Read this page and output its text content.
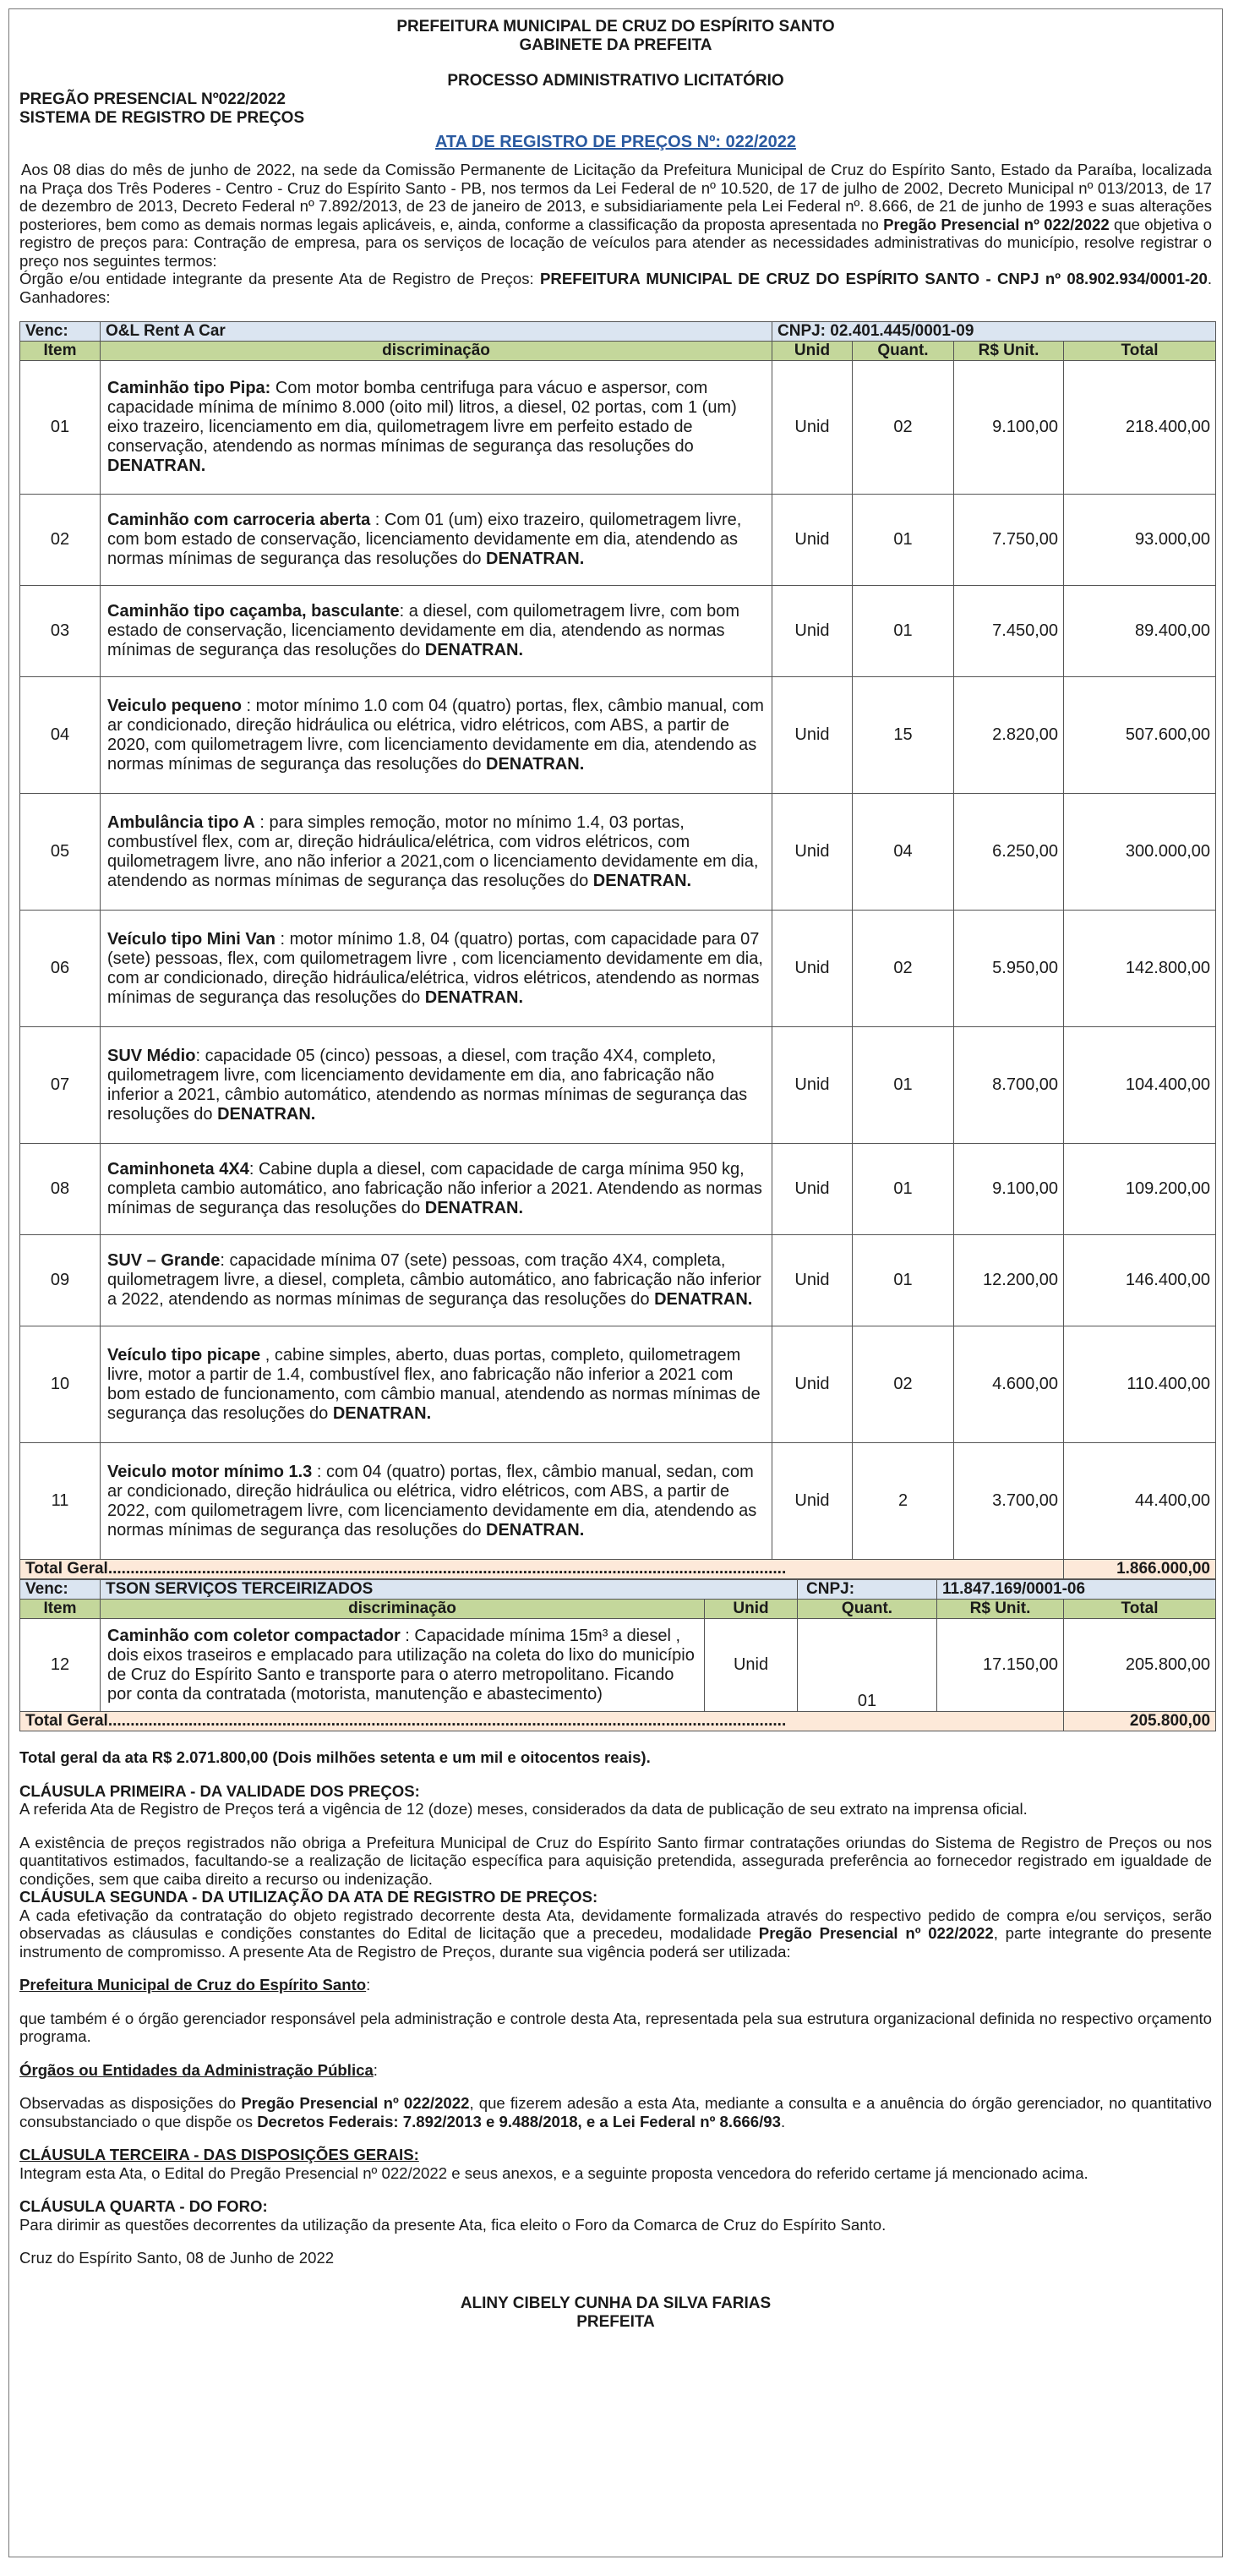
PREFEITURA MUNICIPAL DE CRUZ DO ESPÍRITO SANTO
GABINETE DA PREFEITA
PROCESSO ADMINISTRATIVO LICITATÓRIO
PREGÃO PRESENCIAL Nº022/2022
SISTEMA DE REGISTRO DE PREÇOS
ATA DE REGISTRO DE PREÇOS Nº: 022/2022

Aos 08 dias do mês de junho de 2022, na sede da Comissão Permanente de Licitação da Prefeitura Municipal de Cruz do Espírito Santo, Estado da Paraíba, localizada na Praça dos Três Poderes - Centro - Cruz do Espírito Santo - PB, nos termos da Lei Federal de nº 10.520, de 17 de julho de 2002, Decreto Municipal nº 013/2013, de 17 de dezembro de 2013, Decreto Federal nº 7.892/2013, de 23 de janeiro de 2013, e subsidiariamente pela Lei Federal nº. 8.666, de 21 de junho de 1993 e suas alterações posteriores, bem como as demais normas legais aplicáveis, e, ainda, conforme a classificação da proposta apresentada no Pregão Presencial nº 022/2022 que objetiva o registro de preços para: Contração de empresa, para os serviços de locação de veículos para atender as necessidades administrativas do município, resolve registrar o preço nos seguintes termos:
Órgão e/ou entidade integrante da presente Ata de Registro de Preços: PREFEITURA MUNICIPAL DE CRUZ DO ESPÍRITO SANTO - CNPJ nº 08.902.934/0001-20. Ganhadores:

Venc:	O&L Rent A Car	CNPJ: 02.401.445/0001-09			
Item	discriminação	Unid	Quant.	R$ Unit.	Total
01	Caminhão tipo Pipa: Com motor bomba centrifuga para vácuo e aspersor, com capacidade mínima de mínimo 8.000 (oito mil) litros, a diesel, 02 portas, com 1 (um) eixo trazeiro, licenciamento em dia, quilometragem livre em perfeito estado de conservação, atendendo as normas mínimas de segurança das resoluções do DENATRAN.	Unid	02	9.100,00	218.400,00
02	Caminhão com carroceria aberta : Com 01 (um) eixo trazeiro, quilometragem livre, com bom estado de conservação, licenciamento devidamente em dia, atendendo as normas mínimas de segurança das resoluções do DENATRAN.	Unid	01	7.750,00	93.000,00
03	Caminhão tipo caçamba, basculante: a diesel, com quilometragem livre, com bom estado de conservação, licenciamento devidamente em dia, atendendo as normas mínimas de segurança das resoluções do DENATRAN.	Unid	01	7.450,00	89.400,00
04	Veiculo pequeno : motor mínimo 1.0 com 04 (quatro) portas, flex, câmbio manual, com ar condicionado, direção hidráulica ou elétrica, vidro elétricos, com ABS, a partir de 2020, com quilometragem livre, com licenciamento devidamente em dia, atendendo as normas mínimas de segurança das resoluções do DENATRAN.	Unid	15	2.820,00	507.600,00
05	Ambulância tipo A : para simples remoção, motor no mínimo 1.4, 03 portas, combustível flex, com ar, direção hidráulica/elétrica, com vidros elétricos, com quilometragem livre, ano não inferior a 2021,com o licenciamento devidamente em dia, atendendo as normas mínimas de segurança das resoluções do DENATRAN.	Unid	04	6.250,00	300.000,00
06	Veículo tipo Mini Van : motor mínimo 1.8, 04 (quatro) portas, com capacidade para 07 (sete) pessoas, flex, com quilometragem livre , com licenciamento devidamente em dia, com ar condicionado, direção hidráulica/elétrica, vidros elétricos, atendendo as normas mínimas de segurança das resoluções do DENATRAN.	Unid	02	5.950,00	142.800,00
07	SUV Médio: capacidade 05 (cinco) pessoas, a diesel, com tração 4X4, completo, quilometragem livre, com licenciamento devidamente em dia, ano fabricação não inferior a 2021, câmbio automático, atendendo as normas mínimas de segurança das resoluções do DENATRAN.	Unid	01	8.700,00	104.400,00
08	Caminhoneta 4X4: Cabine dupla a diesel, com capacidade de carga mínima 950 kg, completa cambio automático, ano fabricação não inferior a 2021. Atendendo as normas mínimas de segurança das resoluções do DENATRAN.	Unid	01	9.100,00	109.200,00
09	SUV – Grande: capacidade mínima 07 (sete) pessoas, com tração 4X4, completa, quilometragem livre, a diesel, completa, câmbio automático, ano fabricação não inferior a 2022, atendendo as normas mínimas de segurança das resoluções do DENATRAN.	Unid	01	12.200,00	146.400,00
10	Veículo tipo picape , cabine simples, aberto, duas portas, completo, quilometragem livre, motor a partir de 1.4, combustível flex, ano fabricação não inferior a 2021 com bom estado de funcionamento, com câmbio manual, atendendo as normas mínimas de segurança das resoluções do DENATRAN.	Unid	02	4.600,00	110.400,00
11	Veiculo motor mínimo 1.3 : com 04 (quatro) portas, flex, câmbio manual, sedan, com ar condicionado, direção hidráulica ou elétrica, vidro elétricos, com ABS, a partir de 2022, com quilometragem livre, com licenciamento devidamente em dia, atendendo as normas mínimas de segurança das resoluções do DENATRAN.	Unid	2	3.700,00	44.400,00
Total Geral........................................................................................................................................................					1.866.000,00
Venc:	TSON SERVIÇOS TERCEIRIZADOS		CNPJ:	11.847.169/0001-06	
Item	discriminação	Unid	Quant.	R$ Unit.	Total
12	Caminhão com coletor compactador : Capacidade mínima 15m³ a diesel , dois eixos traseiros e emplacado para utilização na coleta do lixo do município de Cruz do Espírito Santo e transporte para o aterro metropolitano. Ficando por conta da contratada (motorista, manutenção e abastecimento)	Unid	01	17.150,00	205.800,00
Total Geral........................................................................................................................................................					205.800,00

Total geral da ata R$ 2.071.800,00 (Dois milhões setenta e um mil e oitocentos reais).

CLÁUSULA PRIMEIRA - DA VALIDADE DOS PREÇOS:

A referida Ata de Registro de Preços terá a vigência de 12 (doze) meses, considerados da data de publicação de seu extrato na imprensa oficial.

A existência de preços registrados não obriga a Prefeitura Municipal de Cruz do Espírito Santo firmar contratações oriundas do Sistema de Registro de Preços ou nos quantitativos estimados, facultando-se a realização de licitação específica para aquisição pretendida, assegurada preferência ao fornecedor registrado em igualdade de condições, sem que caiba direito a recurso ou indenização.

CLÁUSULA SEGUNDA - DA UTILIZAÇÃO DA ATA DE REGISTRO DE PREÇOS:

A cada efetivação da contratação do objeto registrado decorrente desta Ata, devidamente formalizada através do respectivo pedido de compra e/ou serviços, serão observadas as cláusulas e condições constantes do Edital de licitação que a precedeu, modalidade Pregão Presencial nº 022/2022, parte integrante do presente instrumento de compromisso. A presente Ata de Registro de Preços, durante sua vigência poderá ser utilizada:

Prefeitura Municipal de Cruz do Espírito Santo:

que também é o órgão gerenciador responsável pela administração e controle desta Ata, representada pela sua estrutura organizacional definida no respectivo orçamento programa.

Órgãos ou Entidades da Administração Pública:

Observadas as disposições do Pregão Presencial nº 022/2022, que fizerem adesão a esta Ata, mediante a consulta e a anuência do órgão gerenciador, no quantitativo consubstanciado o que dispõe os Decretos Federais: 7.892/2013 e 9.488/2018, e a Lei Federal nº 8.666/93.

CLÁUSULA TERCEIRA - DAS DISPOSIÇÕES GERAIS:

Integram esta Ata, o Edital do Pregão Presencial nº 022/2022 e seus anexos, e a seguinte proposta vencedora do referido certame já mencionado acima.

CLÁUSULA QUARTA - DO FORO:

Para dirimir as questões decorrentes da utilização da presente Ata, fica eleito o Foro da Comarca de Cruz do Espírito Santo.

Cruz do Espírito Santo, 08 de Junho de 2022

ALINY CIBELY CUNHA DA SILVA FARIAS
PREFEITA
